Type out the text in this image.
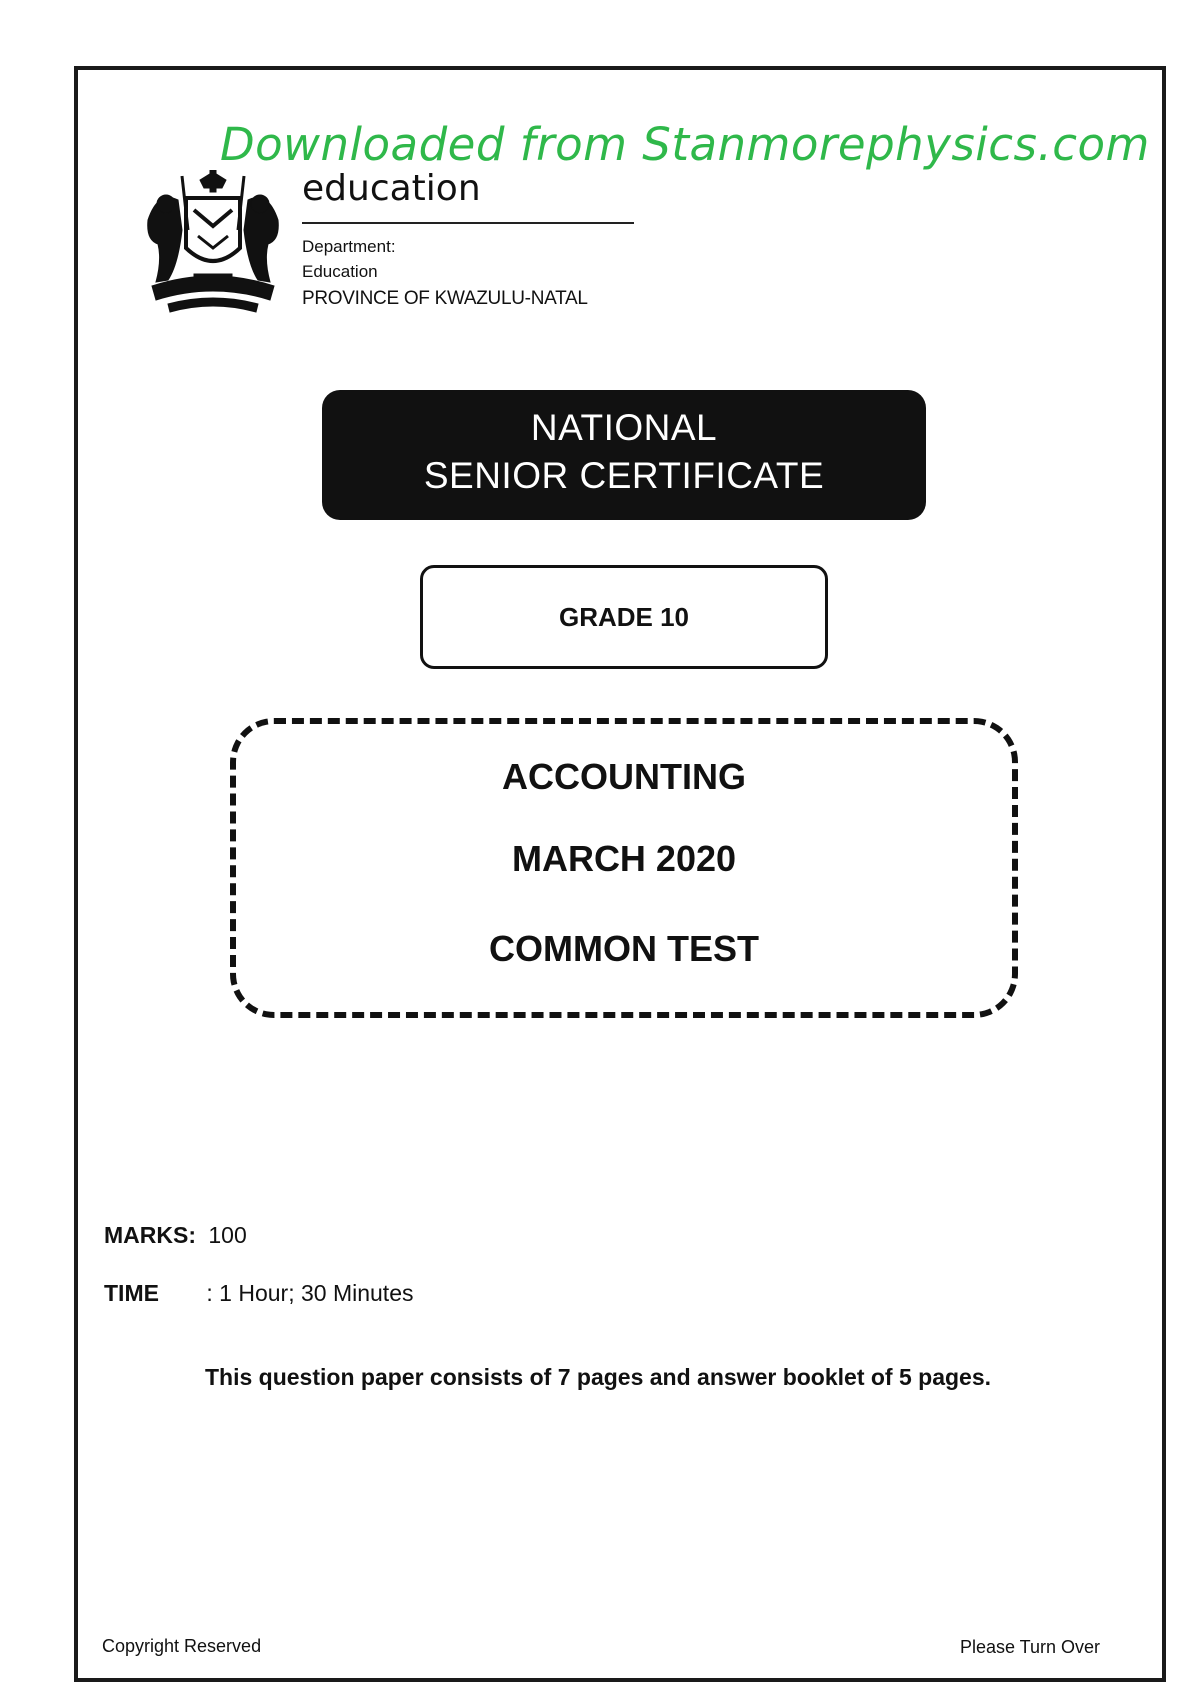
Downloaded from Stanmorephysics.com
education
Department:
Education
PROVINCE OF KWAZULU-NATAL
NATIONAL
SENIOR CERTIFICATE
GRADE 10
ACCOUNTING
MARCH 2020
COMMON TEST
MARKS: 100
TIME : 1 Hour; 30 Minutes
This question paper consists of 7 pages and answer booklet of 5 pages.
Copyright Reserved	Please Turn Over
